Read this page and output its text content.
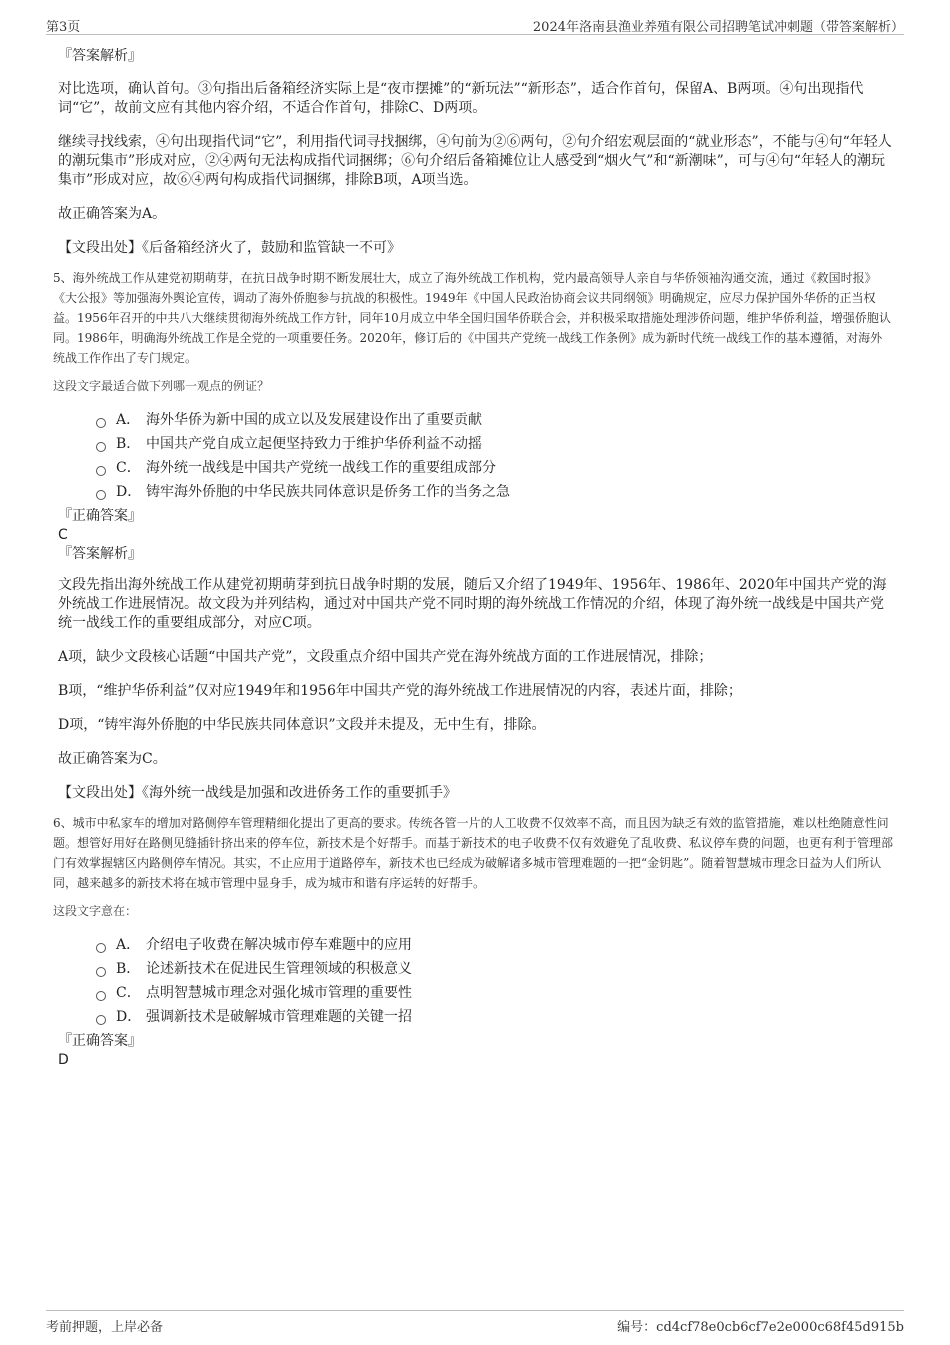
第3页	2024年洛南县渔业养殖有限公司招聘笔试冲刺题（带答案解析）
『答案解析』

对比选项，确认首句。③句指出后备箱经济实际上是“夜市摆摊”的“新玩法”“新形态”，适合作首句，保留A、B两项。④句出现指代词“它”，故前文应有其他内容介绍，不适合作首句，排除C、D两项。

继续寻找线索，④句出现指代词“它”，利用指代词寻找捆绑，④句前为②⑥两句，②句介绍宏观层面的“就业形态”，不能与④句“年轻人的潮玩集市”形成对应，②④两句无法构成指代词捆绑；⑥句介绍后备箱摊位让人感受到“烟火气”和“新潮味”，可与④句“年轻人的潮玩集市”形成对应，故⑥④两句构成指代词捆绑，排除B项，A项当选。

故正确答案为A。

【文段出处】《后备箱经济火了，鼓励和监管缺一不可》

5、海外统战工作从建党初期萌芽，在抗日战争时期不断发展壮大，成立了海外统战工作机构，党内最高领导人亲自与华侨领袖沟通交流，通过《救国时报》《大公报》等加强海外舆论宣传，调动了海外侨胞参与抗战的积极性。1949年《中国人民政治协商会议共同纲领》明确规定，应尽力保护国外华侨的正当权益。1956年召开的中共八大继续贯彻海外统战工作方针，同年10月成立中华全国归国华侨联合会，并积极采取措施处理涉侨问题，维护华侨利益，增强侨胞认同。1986年，明确海外统战工作是全党的一项重要任务。2020年，修订后的《中国共产党统一战线工作条例》成为新时代统一战线工作的基本遵循，对海外统战工作作出了专门规定。

这段文字最适合做下列哪一观点的例证？
A． 海外华侨为新中国的成立以及发展建设作出了重要贡献
B． 中国共产党自成立起便坚持致力于维护华侨利益不动摇
C． 海外统一战线是中国共产党统一战线工作的重要组成部分
D． 铸牢海外侨胞的中华民族共同体意识是侨务工作的当务之急
『正确答案』
C
『答案解析』

文段先指出海外统战工作从建党初期萌芽到抗日战争时期的发展，随后又介绍了1949年、1956年、1986年、2020年中国共产党的海外统战工作进展情况。故文段为并列结构，通过对中国共产党不同时期的海外统战工作情况的介绍，体现了海外统一战线是中国共产党统一战线工作的重要组成部分，对应C项。

A项，缺少文段核心话题“中国共产党”，文段重点介绍中国共产党在海外统战方面的工作进展情况，排除；

B项，“维护华侨利益”仅对应1949年和1956年中国共产党的海外统战工作进展情况的内容，表述片面，排除；

D项，“铸牢海外侨胞的中华民族共同体意识”文段并未提及，无中生有，排除。

故正确答案为C。

【文段出处】《海外统一战线是加强和改进侨务工作的重要抓手》

6、城市中私家车的增加对路侧停车管理精细化提出了更高的要求。传统各管一片的人工收费不仅效率不高，而且因为缺乏有效的监管措施，难以杜绝随意性问题。想管好用好在路侧见缝插针挤出来的停车位，新技术是个好帮手。而基于新技术的电子收费不仅有效避免了乱收费、私议停车费的问题，也更有利于管理部门有效掌握辖区内路侧停车情况。其实，不止应用于道路停车，新技术也已经成为破解诸多城市管理难题的一把“金钥匙”。随着智慧城市理念日益为人们所认同，越来越多的新技术将在城市管理中显身手，成为城市和谐有序运转的好帮手。

这段文字意在：
A． 介绍电子收费在解决城市停车难题中的应用
B． 论述新技术在促进民生管理领域的积极意义
C． 点明智慧城市理念对强化城市管理的重要性
D． 强调新技术是破解城市管理难题的关键一招
『正确答案』
D
考前押题，上岸必备	编号：cd4cf78e0cb6cf7e2e000c68f45d915b
